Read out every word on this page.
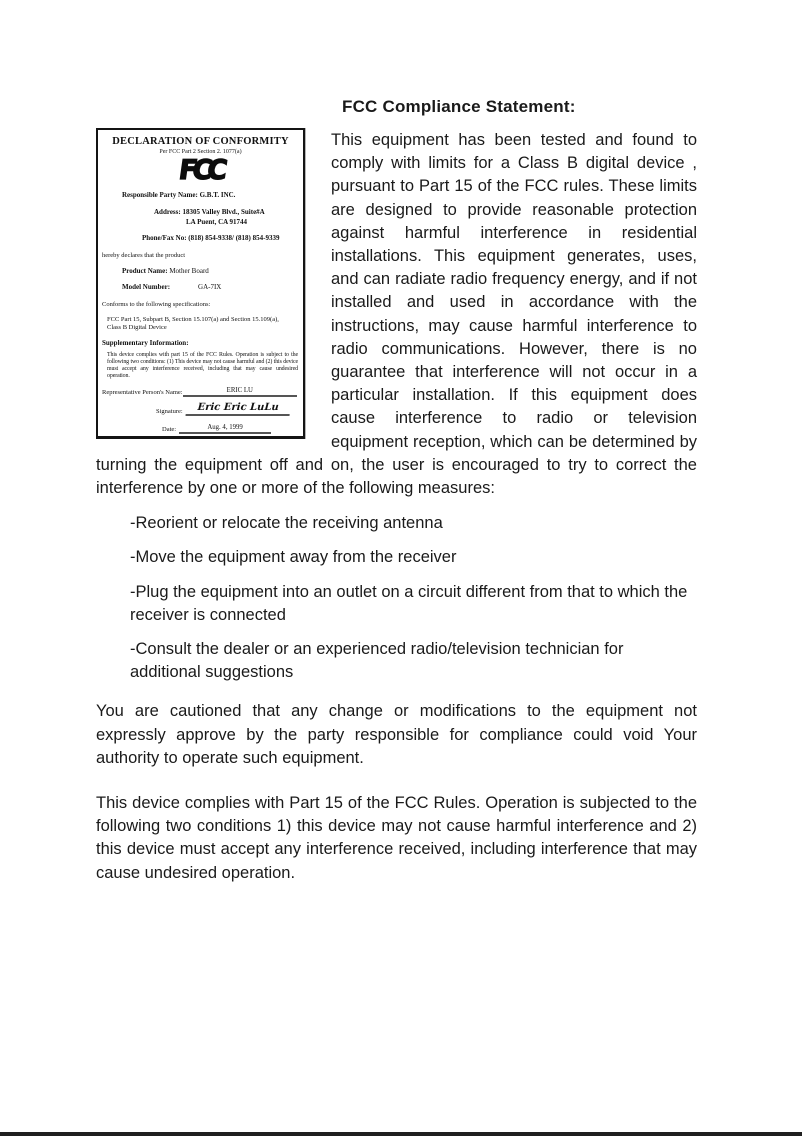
FCC Compliance Statement:
DECLARATION OF CONFORMITY
Per FCC Part 2 Section 2. 1077(a)
FCC
Responsible Party Name: G.B.T. INC.
Address: 18305 Valley Blvd., Suite#A
LA Puent, CA 91744
Phone/Fax No: (818) 854-9338/ (818) 854-9339
hereby declares that the product
Product Name: Mother Board
Model Number:	GA-7IX
Conforms to the following specifications:
FCC Part 15, Subpart B, Section 15.107(a) and Section 15.109(a),
Class B Digital Device
Supplementary Information:
This device complies with part 15 of the FCC Rules. Operation is subject to the following two conditions: (1) This device may not cause harmful and (2) this device must accept any interference received, including that may cause undesired operation.
Representative Person's Name:	ERIC LU
Signature:	Eric Eric LuLu
Date:	Aug. 4, 1999

This equipment has been tested and found to comply with limits for a Class B digital device , pursuant to Part 15 of the FCC rules. These limits are designed to provide reasonable protection against harmful interference in residential installations. This equipment generates, uses, and can radiate radio frequency energy, and if not installed and used in accordance with the instructions, may cause harmful interference to radio communications. However, there is no guarantee that interference will not occur in a particular installation. If this equipment does cause interference to radio or television equipment reception, which can be determined by turning the equipment off and on, the user is encouraged to try to correct the interference by one or more of the following measures:

-Reorient or relocate the receiving antenna
-Move the equipment away from the receiver
-Plug the equipment into an outlet on a circuit different from that to which the receiver is connected
-Consult the dealer or an experienced radio/television technician for additional suggestions

You are cautioned that any change or modifications to the equipment not expressly approve by the party responsible for compliance could void Your authority to operate such equipment.

This device complies with Part 15 of the FCC Rules. Operation is subjected to the following two conditions 1) this device may not cause harmful interference and 2) this device must accept any interference received, including interference that may cause undesired operation.
